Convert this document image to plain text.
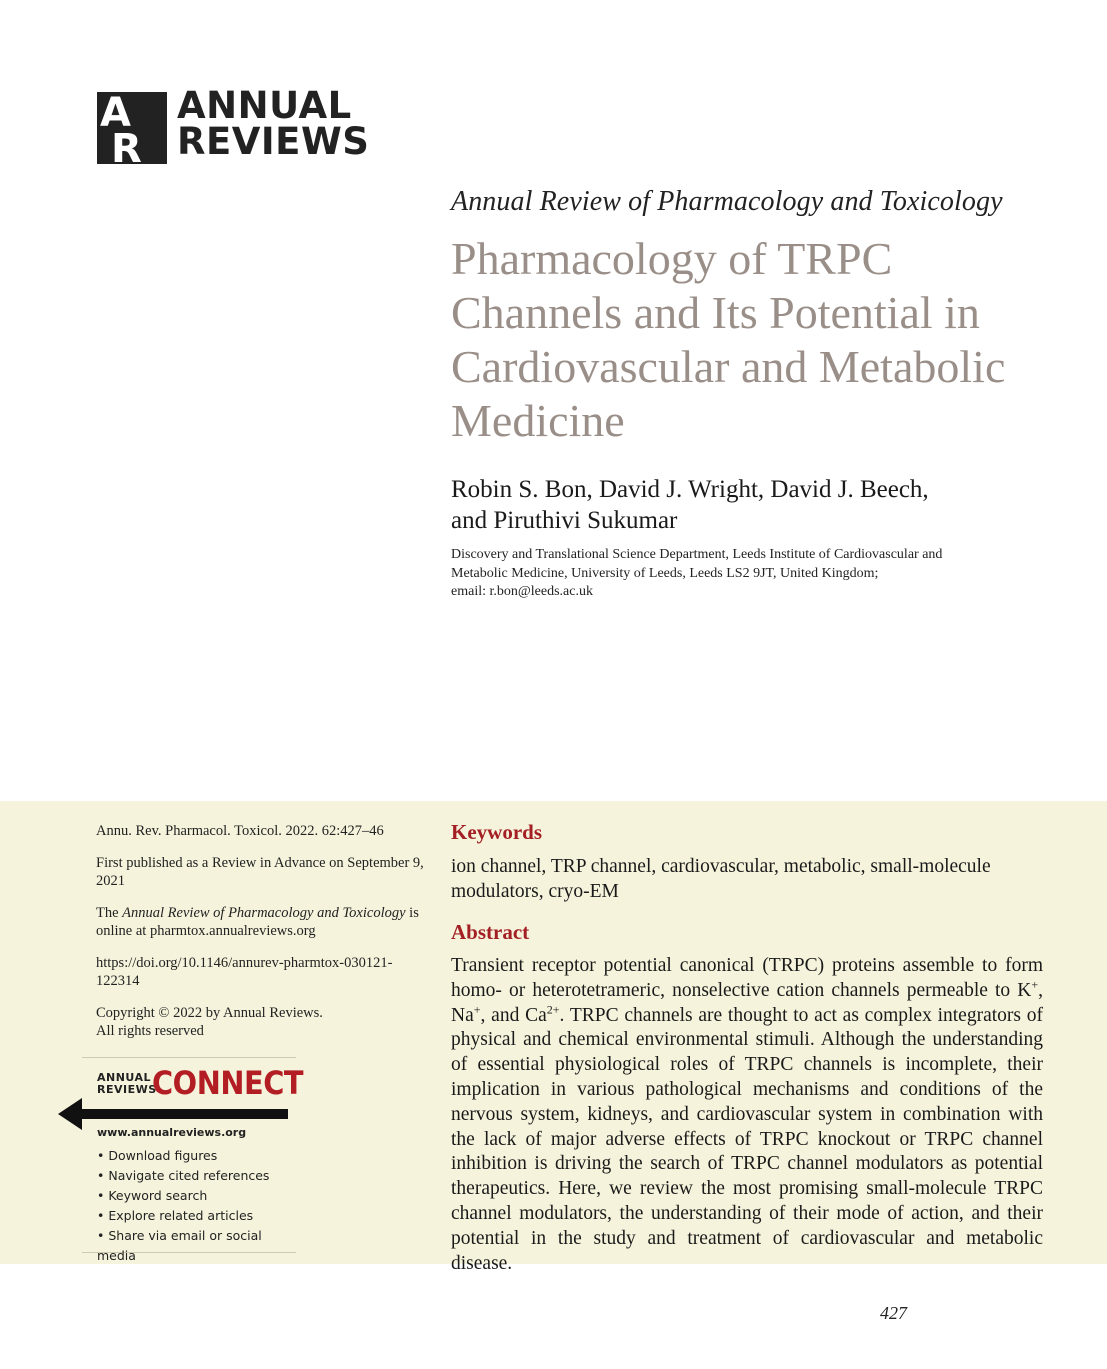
A
R
ANNUAL
REVIEWS
Annual Review of Pharmacology and Toxicology
Pharmacology of TRPC Channels and Its Potential in Cardiovascular and Metabolic Medicine
Robin S. Bon, David J. Wright, David J. Beech,
and Piruthivi Sukumar
Discovery and Translational Science Department, Leeds Institute of Cardiovascular and
Metabolic Medicine, University of Leeds, Leeds LS2 9JT, United Kingdom;
email: r.bon@leeds.ac.uk

Annu. Rev. Pharmacol. Toxicol. 2022. 62:427–46

First published as a Review in Advance on September 9, 2021

The Annual Review of Pharmacology and Toxicology is online at pharmtox.annualreviews.org

https://doi.org/10.1146/annurev-pharmtox-030121-
122314

Copyright © 2022 by Annual Reviews.
All rights reserved

ANNUAL
REVIEWS
CONNECT
www.annualreviews.org
• Download figures
• Navigate cited references
• Keyword search
• Explore related articles
• Share via email or social media
Keywords
ion channel, TRP channel, cardiovascular, metabolic, small-molecule modulators, cryo-EM
Abstract

Transient receptor potential canonical (TRPC) proteins assemble to form homo- or heterotetrameric, nonselective cation channels permeable to K+, Na+, and $Ca^{2+}$. TRPC channels are thought to act as complex integrators of physical and chemical environmental stimuli. Although the understanding of essential physiological roles of TRPC channels is incomplete, their implication in various pathological mechanisms and conditions of the nervous system, kidneys, and cardiovascular system in combination with the lack of major adverse effects of TRPC knockout or TRPC channel inhibition is driving the search of TRPC channel modulators as potential therapeutics. Here, we review the most promising small-molecule TRPC channel modulators, the understanding of their mode of action, and their potential in the study and treatment of cardiovascular and metabolic disease.

427
